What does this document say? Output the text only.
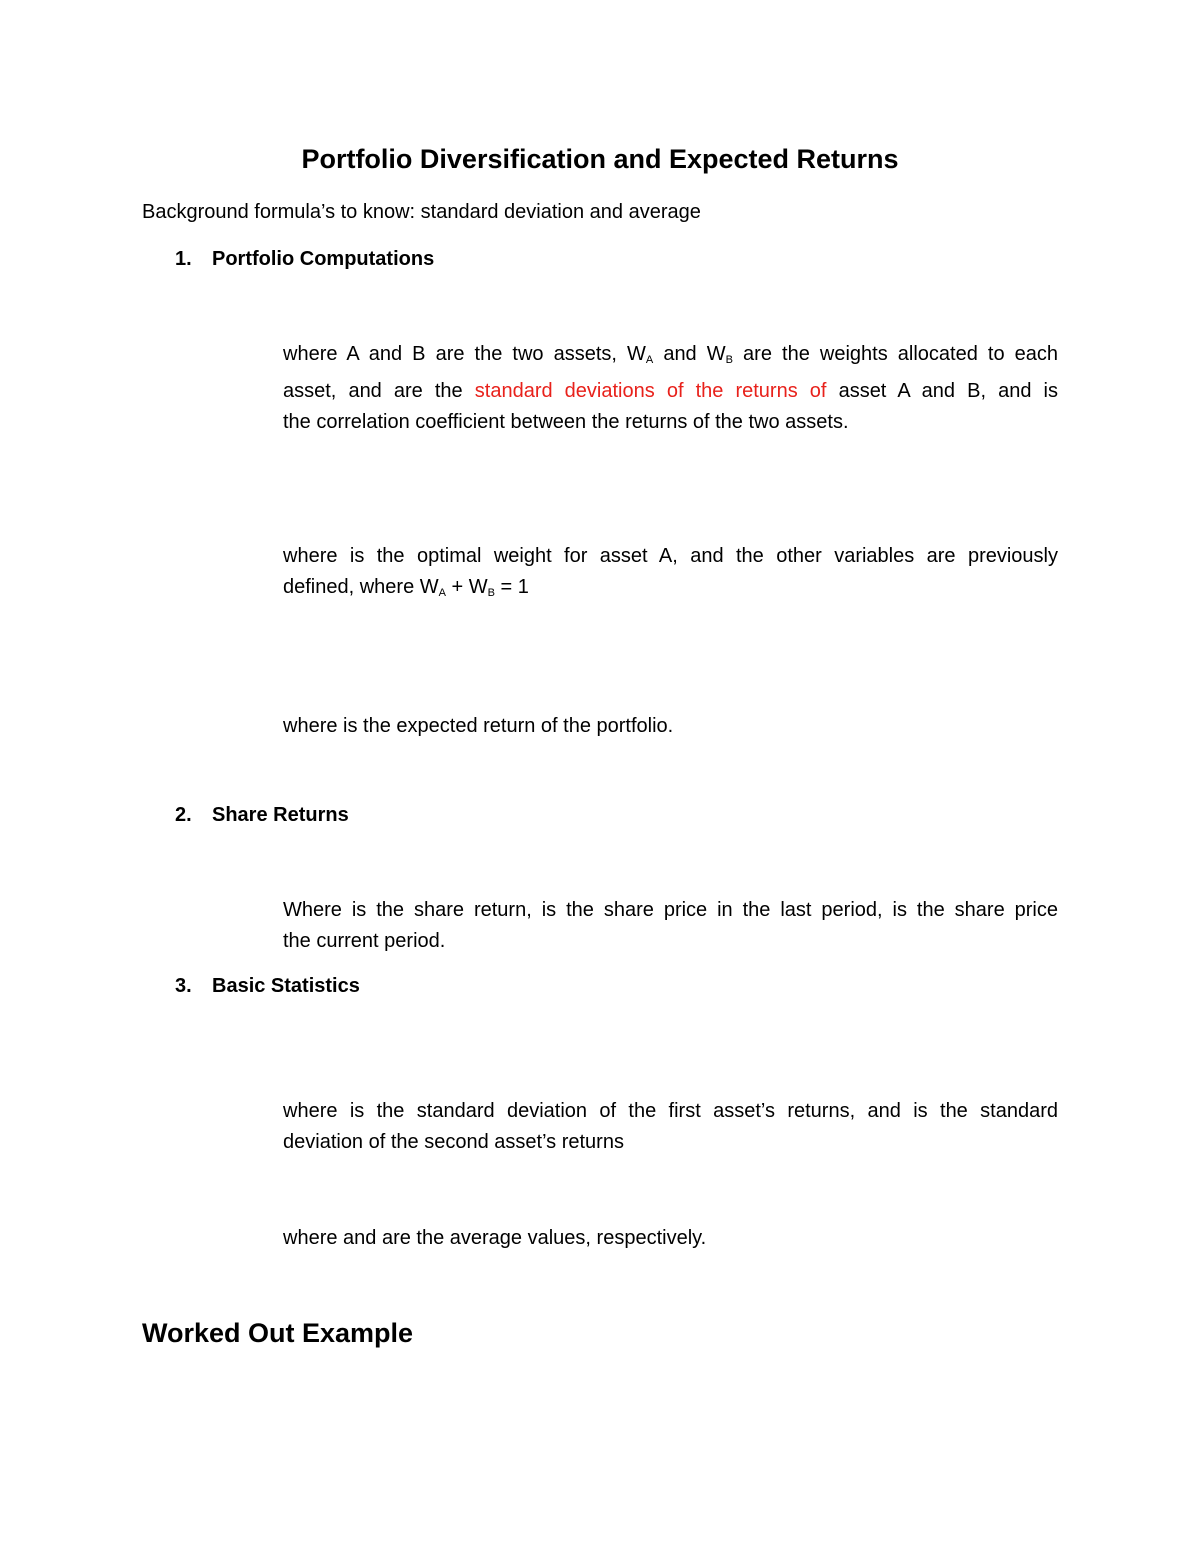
Portfolio Diversification and Expected Returns
Background formula’s to know: standard deviation and average
1. Portfolio Computations
where A and B are the two assets, $W_A$ and $W_B$ are the weights allocated to each
asset, and are the standard deviations of the returns of asset A and B, and is
the correlation coefficient between the returns of the two assets.
where is the optimal weight for asset A, and the other variables are previously
defined, where $W_A + W_B = 1$
where is the expected return of the portfolio.
2. Share Returns
Where is the share return, is the share price in the last period, is the share price
the current period.
3. Basic Statistics
where is the standard deviation of the first asset’s returns, and is the standard
deviation of the second asset’s returns
where and are the average values, respectively.
Worked Out Example
